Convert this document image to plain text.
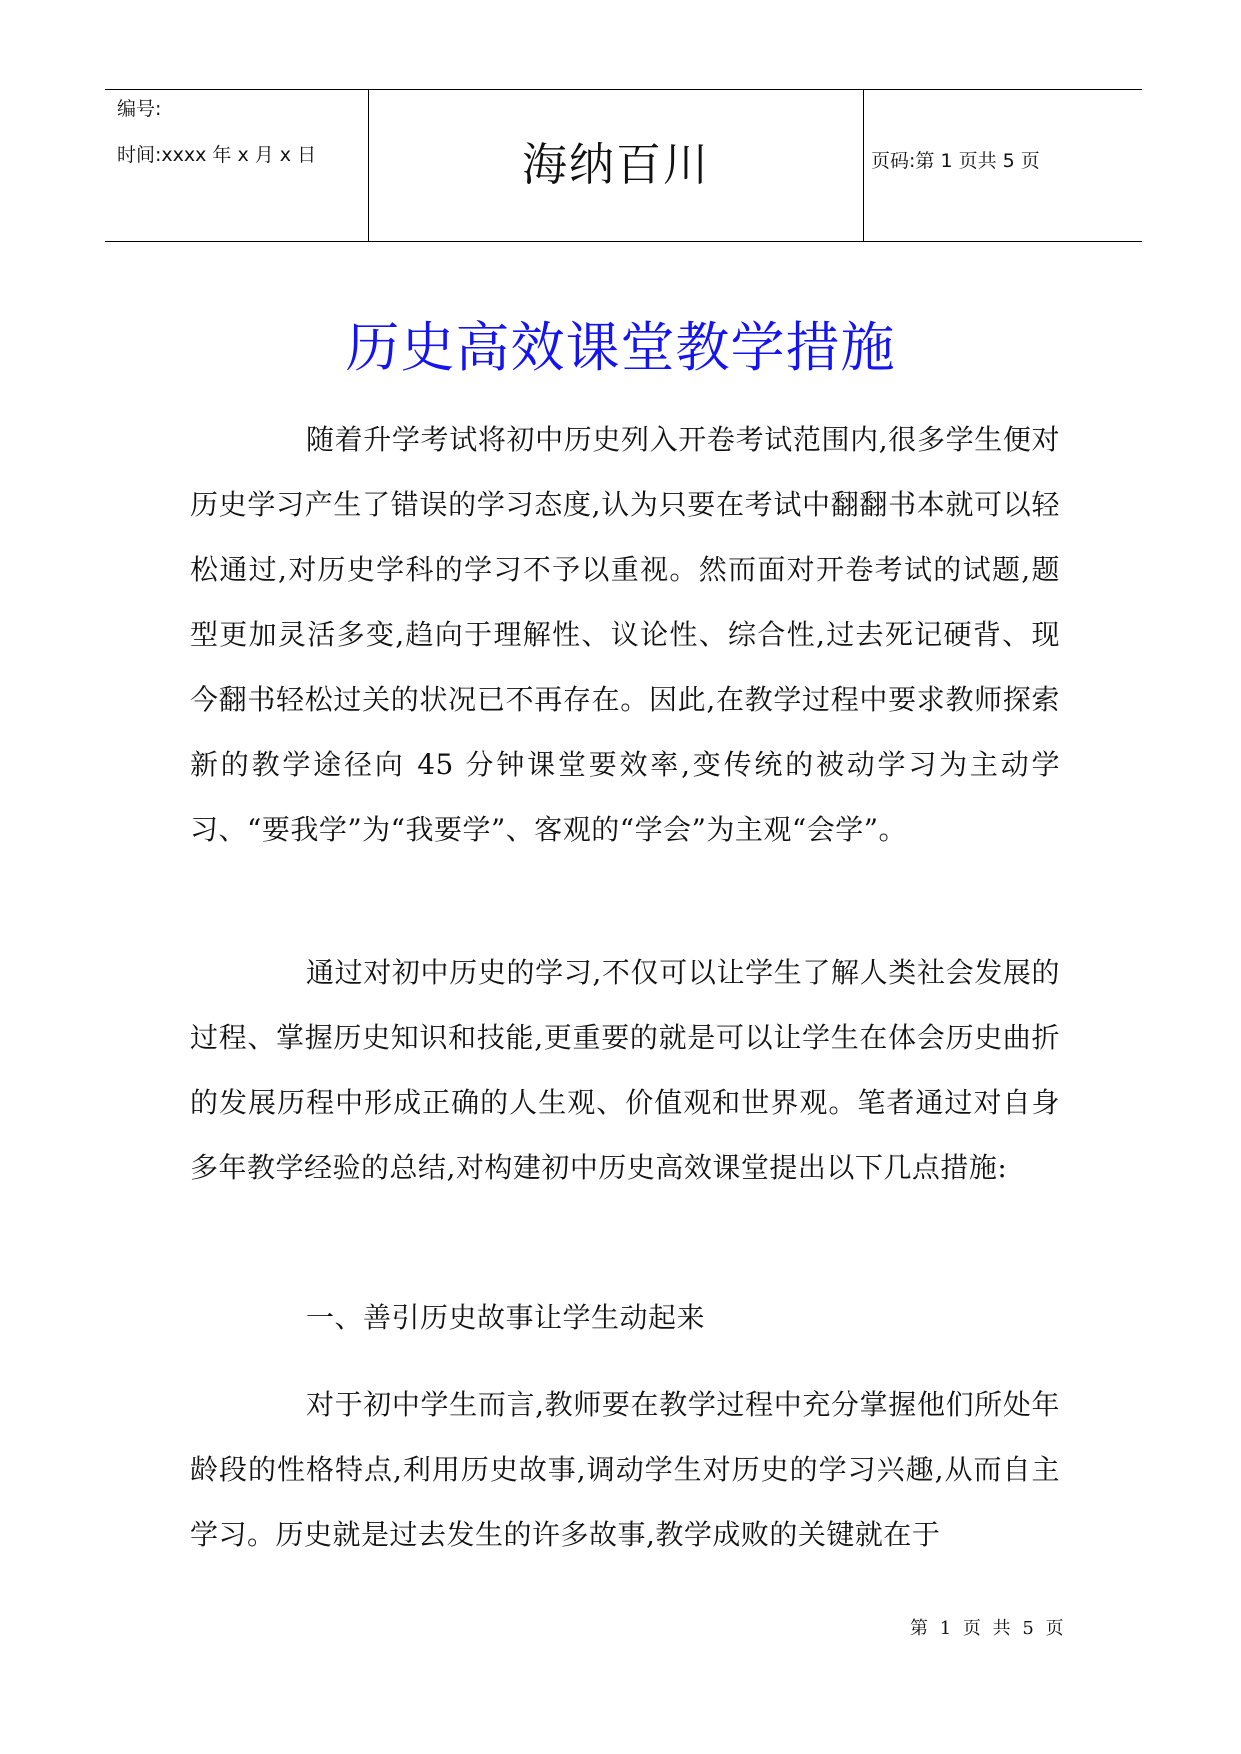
编号:
时间:xxxx 年 x 月 x 日	海纳百川	页码:第 1 页共 5 页
历史高效课堂教学措施

随着升学考试将初中历史列入开卷考试范围内,很多学生便对历史学习产生了错误的学习态度,认为只要在考试中翻翻书本就可以轻松通过,对历史学科的学习不予以重视。然而面对开卷考试的试题,题型更加灵活多变,趋向于理解性、议论性、综合性,过去死记硬背、现今翻书轻松过关的状况已不再存在。因此,在教学过程中要求教师探索新的教学途径向 45 分钟课堂要效率,变传统的被动学习为主动学习、“要我学”为“我要学”、客观的“学会”为主观“会学”。

通过对初中历史的学习,不仅可以让学生了解人类社会发展的过程、掌握历史知识和技能,更重要的就是可以让学生在体会历史曲折的发展历程中形成正确的人生观、价值观和世界观。笔者通过对自身多年教学经验的总结,对构建初中历史高效课堂提出以下几点措施:

一、善引历史故事让学生动起来

对于初中学生而言,教师要在教学过程中充分掌握他们所处年龄段的性格特点,利用历史故事,调动学生对历史的学习兴趣,从而自主学习。历史就是过去发生的许多故事,教学成败的关键就在于

第 1 页 共 5 页
